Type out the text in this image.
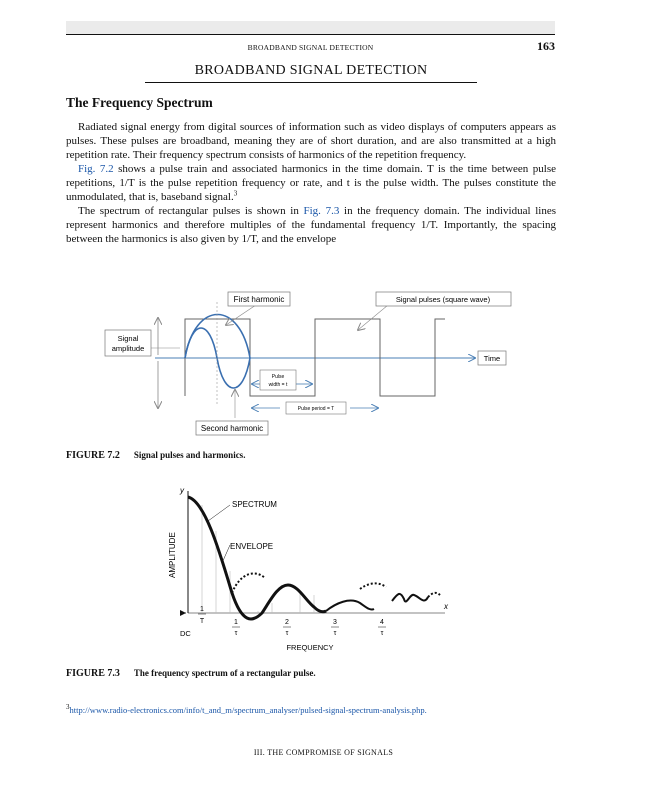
BROADBAND SIGNAL DETECTION	163
BROADBAND SIGNAL DETECTION
The Frequency Spectrum

Radiated signal energy from digital sources of information such as video displays of computers appears as pulses. These pulses are broadband, meaning they are of short duration, and are also transmitted at a high repetition rate. Their frequency spectrum consists of harmonics of the repetition frequency.

Fig. 7.2 shows a pulse train and associated harmonics in the time domain. T is the time between pulse repetitions, 1/T is the pulse repetition frequency or rate, and t is the pulse width. The pulses constitute the unmodulated, that is, baseband signal.$^3$

The spectrum of rectangular pulses is shown in Fig. 7.3 in the frequency domain. The individual lines represent harmonics and therefore multiples of the fundamental frequency 1/T. Importantly, the spacing between the harmonics is also given by 1/T, and the envelope

First harmonic	Signal pulses (square wave)
Signal
amplitude
Time
Pulse
width = t
Pulse period = T
Second harmonic
FIGURE 7.2 Signal pulses and harmonics.
y
x
AMPLITUDE
SPECTRUM
ENVELOPE
1
T	1
τ
2
τ
3
τ
4
τ
DC
FREQUENCY
FIGURE 7.3 The frequency spectrum of a rectangular pulse.
$^3$http://www.radio-electronics.com/info/t_and_m/spectrum_analyser/pulsed-signal-spectrum-analysis.php.
III. THE COMPROMISE OF SIGNALS
